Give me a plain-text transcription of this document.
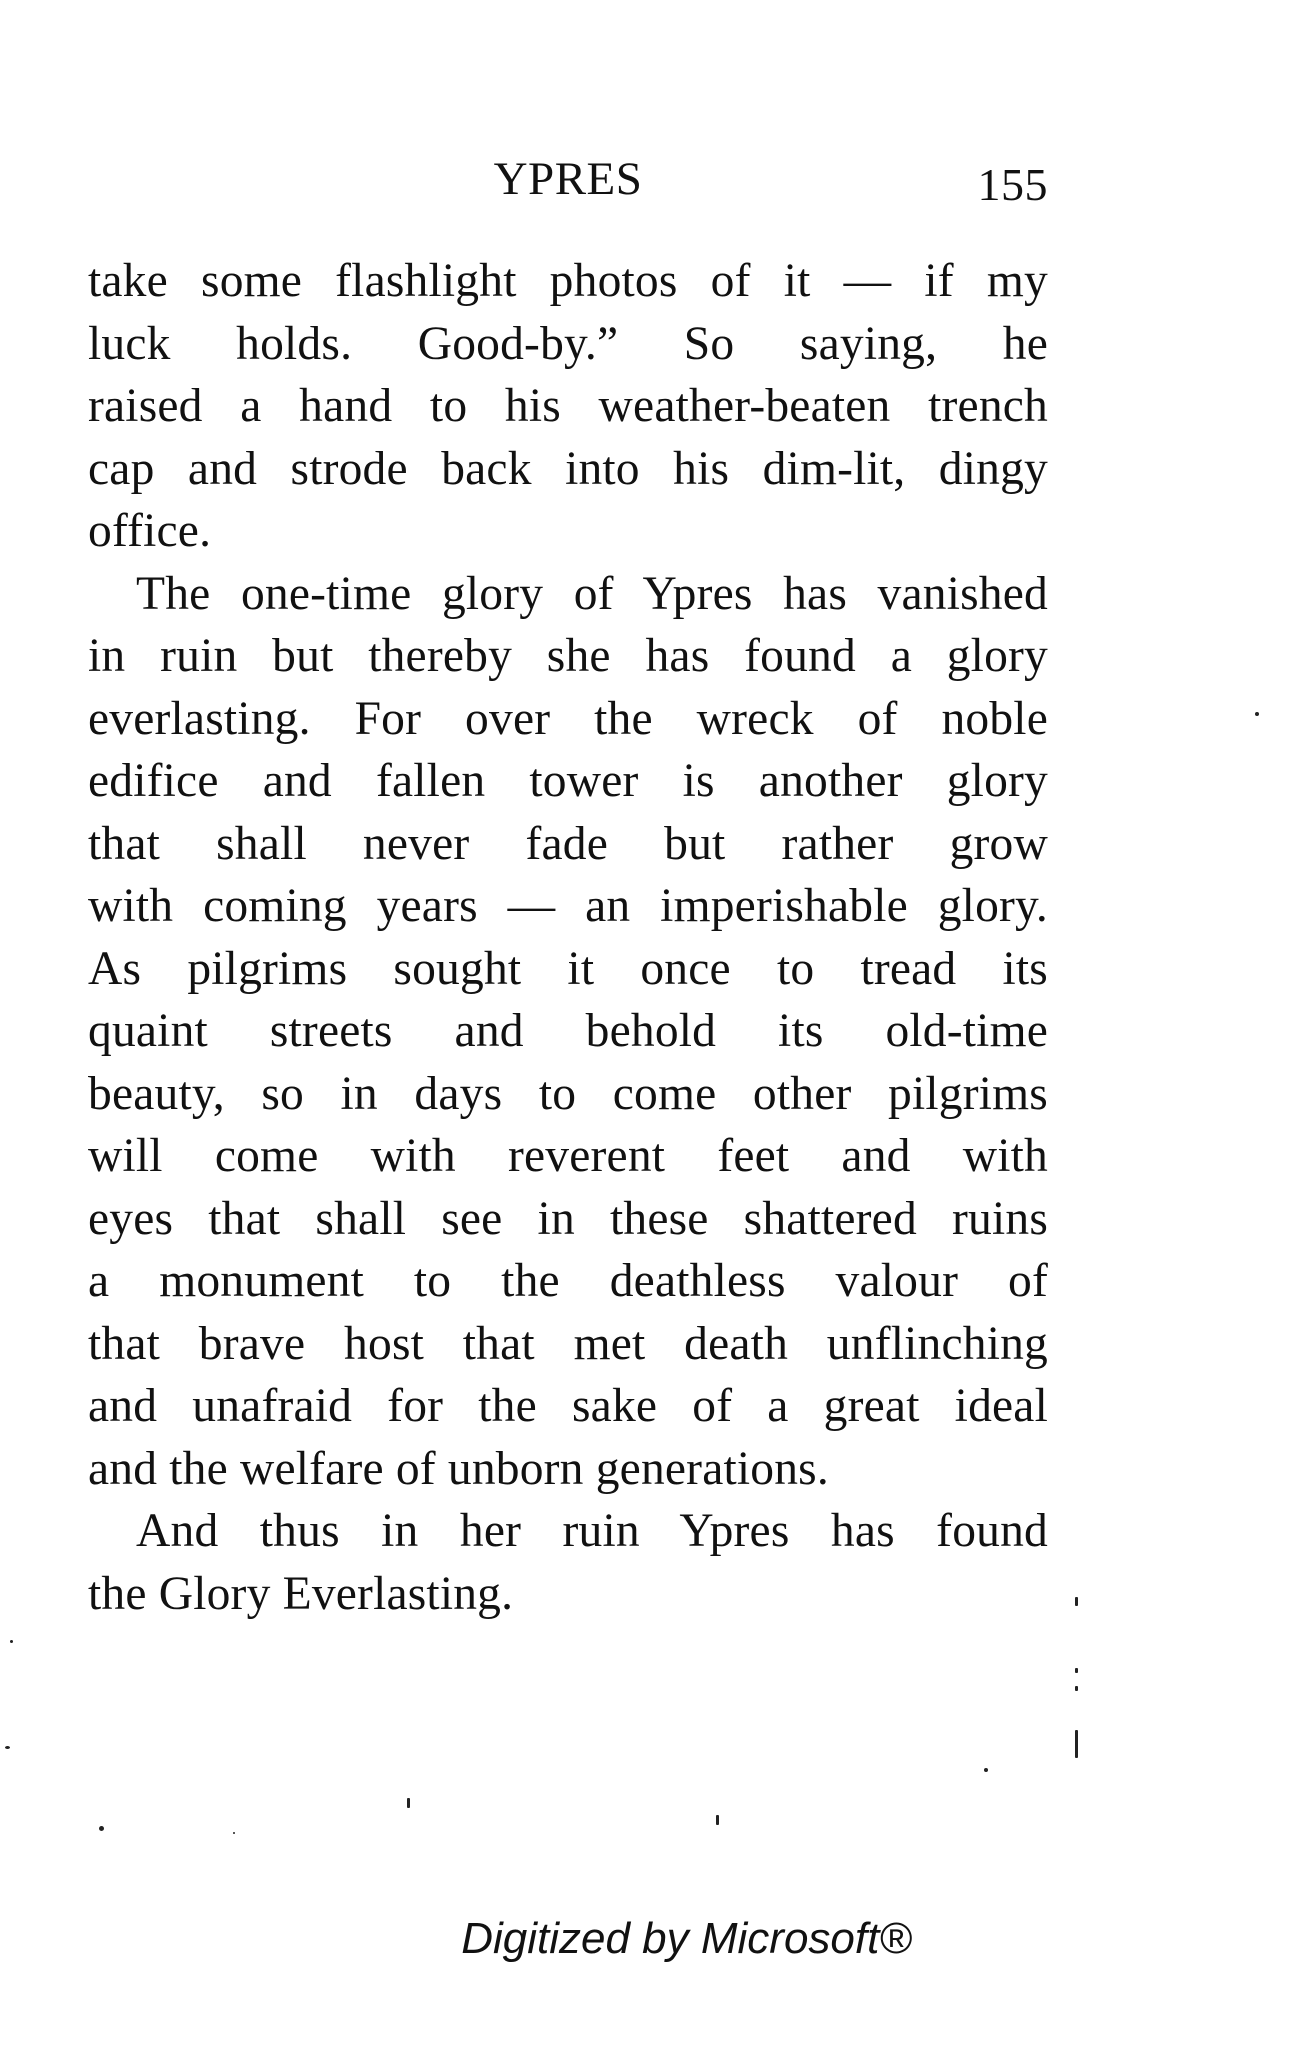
YPRES	155

take some flashlight photos of it — if my
luck holds. Good-by.” So saying, he
raised a hand to his weather-beaten trench
cap and strode back into his dim-lit, dingy
office.

The one-time glory of Ypres has vanished
in ruin but thereby she has found a glory
everlasting. For over the wreck of noble
edifice and fallen tower is another glory
that shall never fade but rather grow
with coming years — an imperishable glory.
As pilgrims sought it once to tread its
quaint streets and behold its old-time
beauty, so in days to come other pilgrims
will come with reverent feet and with
eyes that shall see in these shattered ruins
a monument to the deathless valour of
that brave host that met death unflinching
and unafraid for the sake of a great ideal
and the welfare of unborn generations.

And thus in her ruin Ypres has found
the Glory Everlasting.

Digitized by Microsoft®
